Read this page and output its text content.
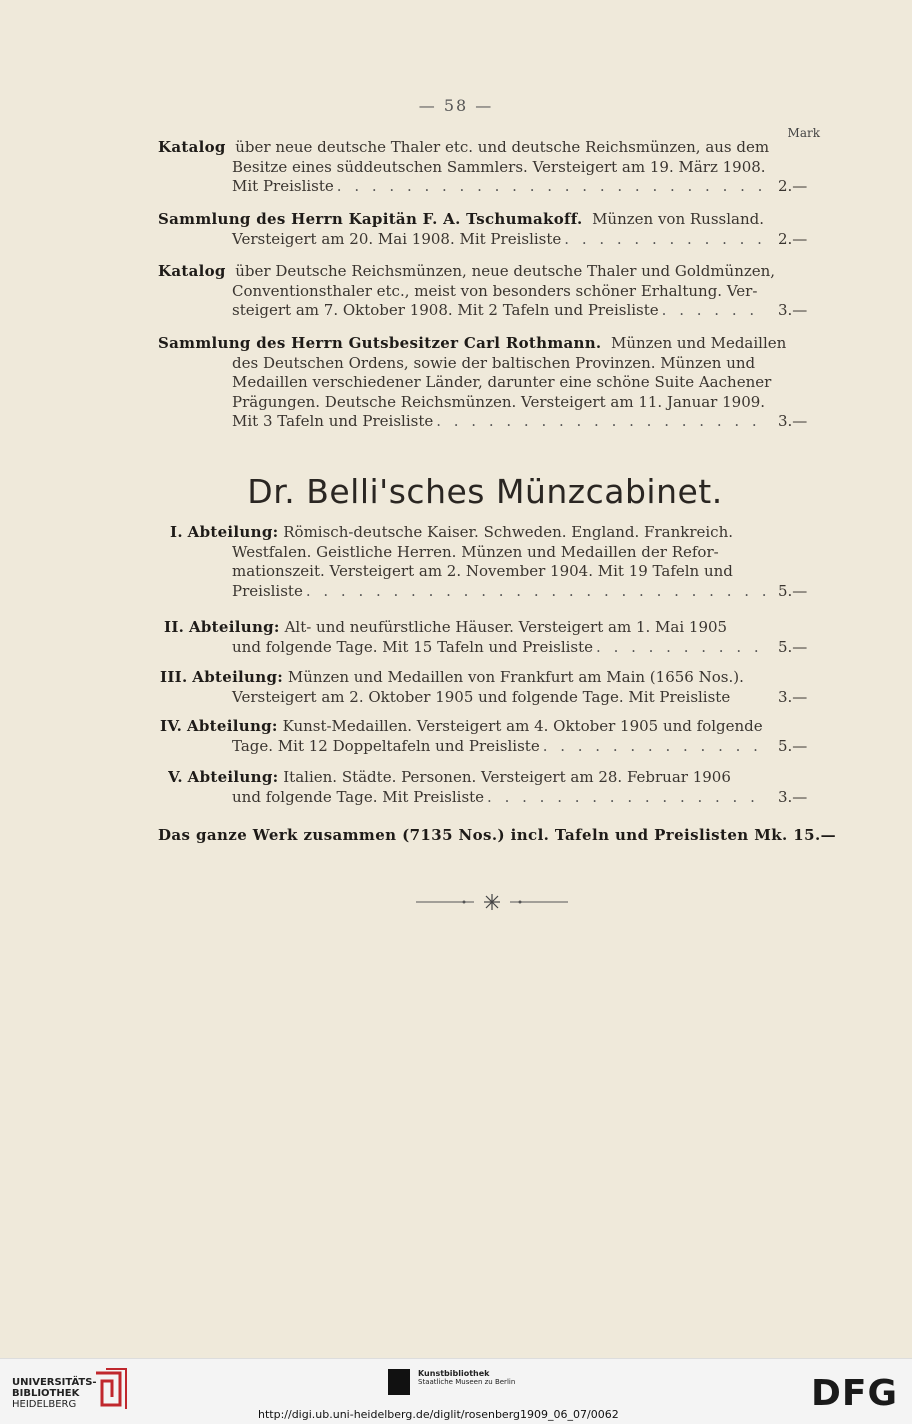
— 58 —
Mark
Katalog über neue deutsche Thaler etc. und deutsche Reichsmünzen, aus dem
Besitze eines süddeutschen Sammlers. Versteigert am 19. März 1908.
Mit Preisliste . . .	2.—
Sammlung des Herrn Kapitän F. A. Tschumakoff. Münzen von Russland.
Versteigert am 20. Mai 1908. Mit Preisliste . . .	2.—
Katalog über Deutsche Reichsmünzen, neue deutsche Thaler und Goldmünzen,
Conventionsthaler etc., meist von besonders schöner Erhaltung. Ver-
steigert am 7. Oktober 1908. Mit 2 Tafeln und Preisliste . . .	3.—
Sammlung des Herrn Gutsbesitzer Carl Rothmann. Münzen und Medaillen
des Deutschen Ordens, sowie der baltischen Provinzen. Münzen und
Medaillen verschiedener Länder, darunter eine schöne Suite Aachener
Prägungen. Deutsche Reichsmünzen. Versteigert am 11. Januar 1909.
Mit 3 Tafeln und Preisliste . . .	3.—
Dr. Belli'sches Münzcabinet.
I. Abteilung: Römisch-deutsche Kaiser. Schweden. England. Frankreich.
Westfalen. Geistliche Herren. Münzen und Medaillen der Refor-
mationszeit. Versteigert am 2. November 1904. Mit 19 Tafeln und
Preisliste . . .	5.—
II. Abteilung: Alt- und neufürstliche Häuser. Versteigert am 1. Mai 1905
und folgende Tage. Mit 15 Tafeln und Preisliste . . .	5.—
III. Abteilung: Münzen und Medaillen von Frankfurt am Main (1656 Nos.).
Versteigert am 2. Oktober 1905 und folgende Tage. Mit Preisliste	3.—
IV. Abteilung: Kunst-Medaillen. Versteigert am 4. Oktober 1905 und folgende
Tage. Mit 12 Doppeltafeln und Preisliste . . .	5.—
V. Abteilung: Italien. Städte. Personen. Versteigert am 28. Februar 1906
und folgende Tage. Mit Preisliste . . .	3.—
Das ganze Werk zusammen (7135 Nos.) incl. Tafeln und Preislisten Mk. 15.—
UNIVERSITÄTS-
BIBLIOTHEK
HEIDELBERG
Kunstbibliothek
Staatliche Museen zu Berlin	DFG
http://digi.ub.uni-heidelberg.de/diglit/rosenberg1909_06_07/0062
